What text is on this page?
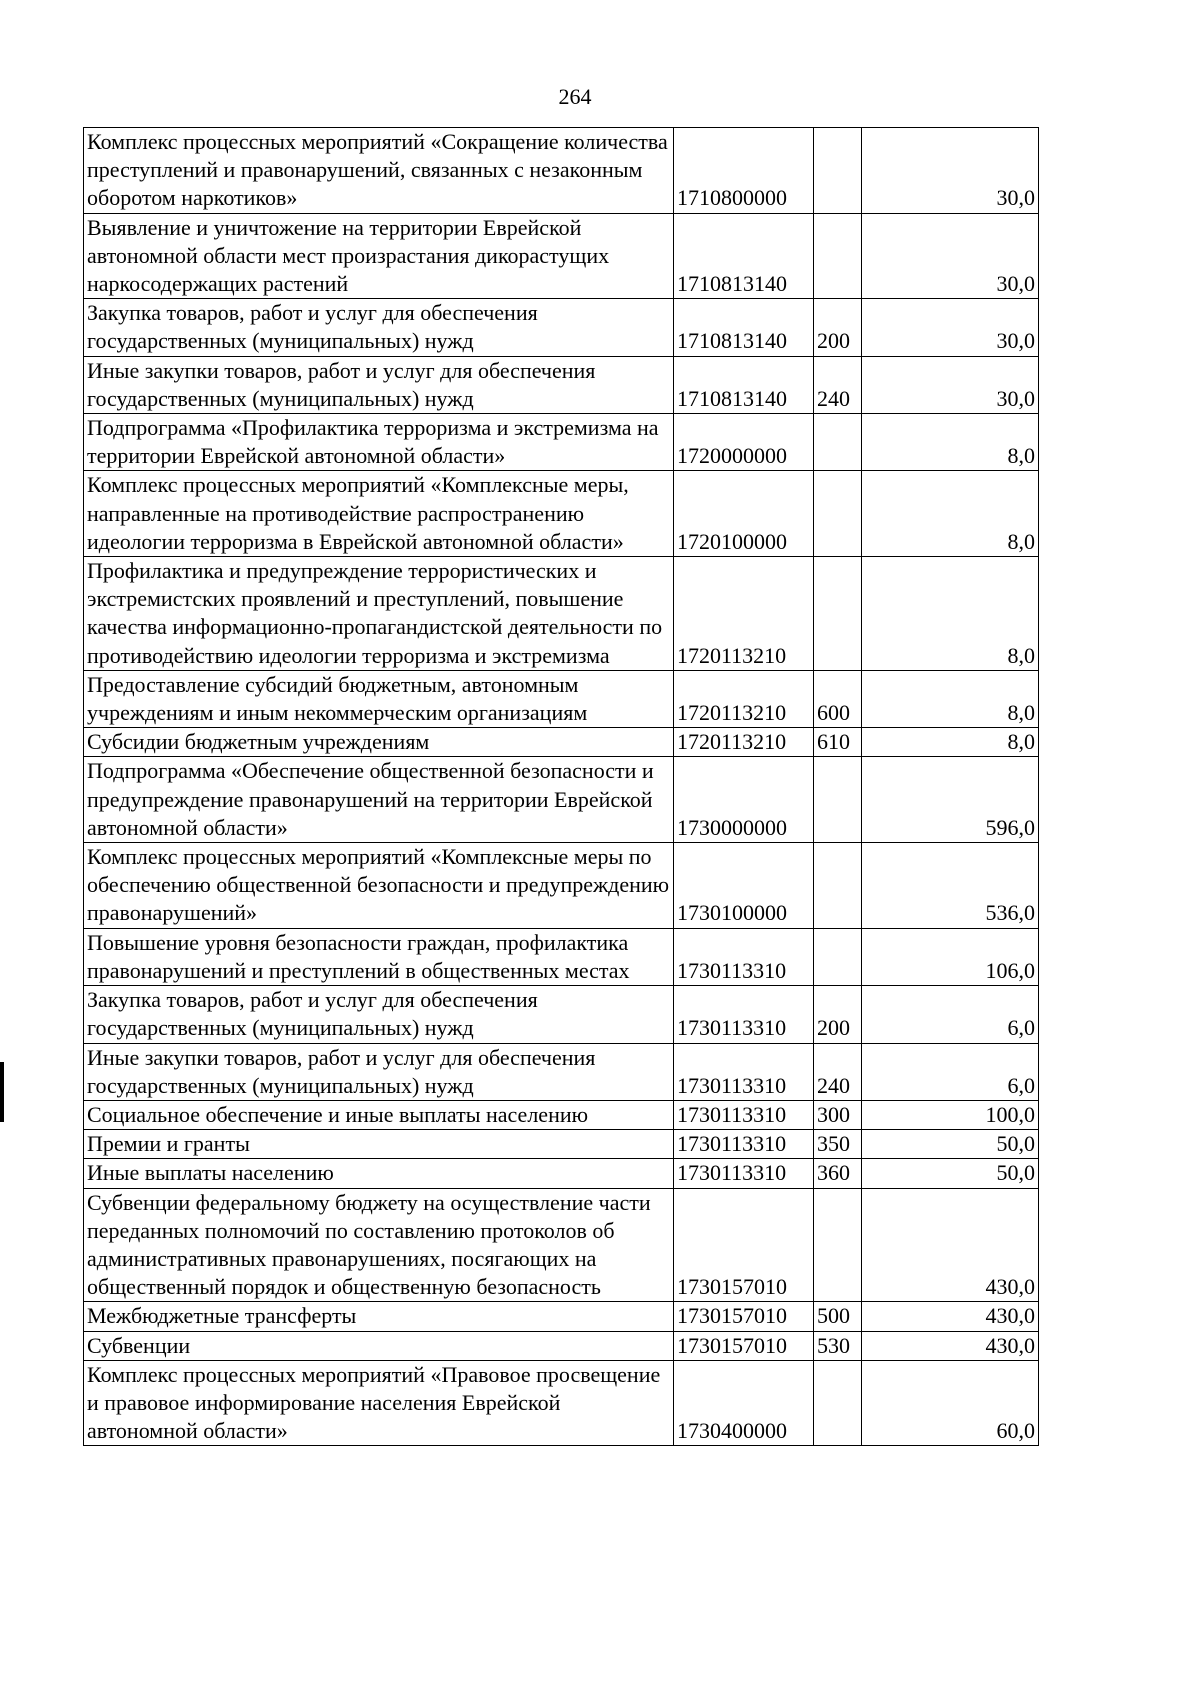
264
Комплекс процессных мероприятий «Сокращение количества преступлений и правонарушений, связанных с незаконным оборотом наркотиков»	1710800000		30,0
Выявление и уничтожение на территории Еврейской автономной области мест произрастания дикорастущих наркосодержащих растений	1710813140		30,0
Закупка товаров, работ и услуг для обеспечения государственных (муниципальных) нужд	1710813140	200	30,0
Иные закупки товаров, работ и услуг для обеспечения государственных (муниципальных) нужд	1710813140	240	30,0
Подпрограмма «Профилактика терроризма и экстремизма на территории Еврейской автономной области»	1720000000		8,0
Комплекс процессных мероприятий «Комплексные меры, направленные на противодействие распространению идеологии терроризма в Еврейской автономной области»	1720100000		8,0
Профилактика и предупреждение террористических и экстремистских проявлений и преступлений, повышение качества информационно-пропагандистской деятельности по противодействию идеологии терроризма и экстремизма	1720113210		8,0
Предоставление субсидий бюджетным, автономным учреждениям и иным некоммерческим организациям	1720113210	600	8,0
Субсидии бюджетным учреждениям	1720113210	610	8,0
Подпрограмма «Обеспечение общественной безопасности и предупреждение правонарушений на территории Еврейской автономной области»	1730000000		596,0
Комплекс процессных мероприятий «Комплексные меры по обеспечению общественной безопасности и предупреждению правонарушений»	1730100000		536,0
Повышение уровня безопасности граждан, профилактика правонарушений и преступлений в общественных местах	1730113310		106,0
Закупка товаров, работ и услуг для обеспечения государственных (муниципальных) нужд	1730113310	200	6,0
Иные закупки товаров, работ и услуг для обеспечения государственных (муниципальных) нужд	1730113310	240	6,0
Социальное обеспечение и иные выплаты населению	1730113310	300	100,0
Премии и гранты	1730113310	350	50,0
Иные выплаты населению	1730113310	360	50,0
Субвенции федеральному бюджету на осуществление части переданных полномочий по составлению протоколов об административных правонарушениях, посягающих на общественный порядок и общественную безопасность	1730157010		430,0
Межбюджетные трансферты	1730157010	500	430,0
Субвенции	1730157010	530	430,0
Комплекс процессных мероприятий «Правовое просвещение и правовое информирование населения Еврейской автономной области»	1730400000		60,0
